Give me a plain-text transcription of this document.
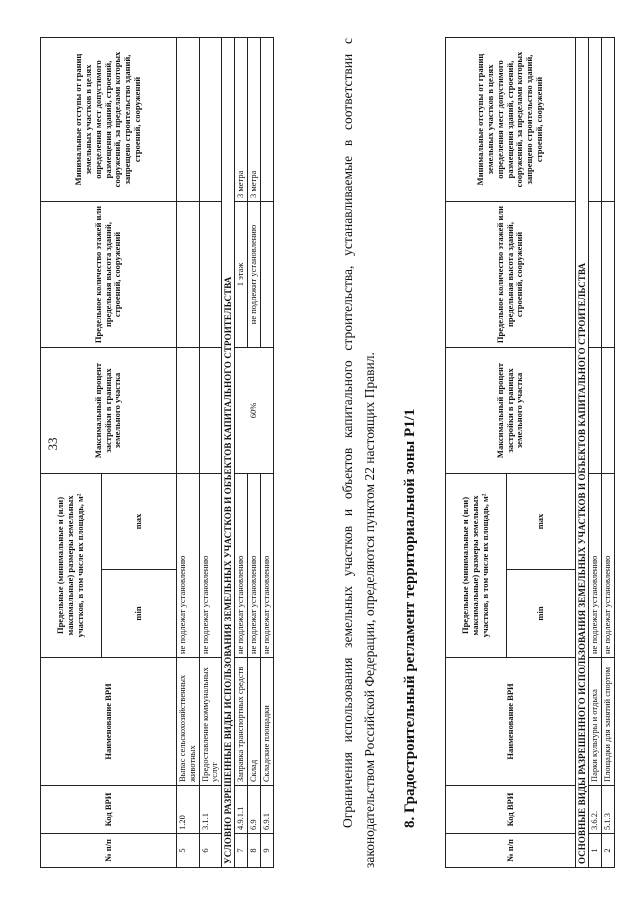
33
№ п/п	Код ВРИ	Наименование ВРИ	Предельные (минимальные и (или) максимальные) размеры земельных участков, в том числе их площадь, м²		Максимальный процент застройки в границах земельного участка	Предельное количество этажей или предельная высота зданий, строений, сооружений	Минимальные отступы от границ земельных участков в целях определения мест допустимого размещения зданий, строений, сооружений, за пределами которых запрещено строительство зданий, строений, сооружений
			min	max			
5	1.20	Выпас сельскохозяйственных животных	не подлежат установлению				
6	3.1.1	Предоставление коммунальных услуг	не подлежат установлению				
УСЛОВНО РАЗРЕШЕННЫЕ ВИДЫ ИСПОЛЬЗОВАНИЯ ЗЕМЕЛЬНЫХ УЧАСТКОВ И ОБЪЕКТОВ КАПИТАЛЬНОГО СТРОИТЕЛЬСТВА							
7	4.9.1.1	Заправка транспортных средств	не подлежат установлению		60%	1 этаж	3 метра
8	6.9	Склад	не подлежат установлению			не подлежит установлению	3 метра
9	6.9.1	Складские площадки	не подлежат установлению					Ограничения использования земельных участков и объектов капитального строительства, устанавливаемые в соответствии с законодательством Российской Федерации, определяются пунктом 22 настоящих Правил. 8. Градостроительный регламент территориальной зоны Р1/1
№ п/п	Код ВРИ	Наименование ВРИ	Предельные (минимальные и (или) максимальные) размеры земельных участков, в том числе их площадь, м²		Максимальный процент застройки в границах земельного участка	Предельное количество этажей или предельная высота зданий, строений, сооружений	Минимальные отступы от границ земельных участков в целях определения мест допустимого размещения зданий, строений, сооружений, за пределами которых запрещено строительство зданий, строений, сооружений
			min	max			
ОСНОВНЫЕ ВИДЫ РАЗРЕШЕННОГО ИСПОЛЬЗОВАНИЯ ЗЕМЕЛЬНЫХ УЧАСТКОВ И ОБЪЕКТОВ КАПИТАЛЬНОГО СТРОИТЕЛЬСТВА							
1	3.6.2.	Парки культуры и отдыха	не подлежат установлению				
2	5.1.3	Площадки для занятий спортом	не подлежат установлению				
